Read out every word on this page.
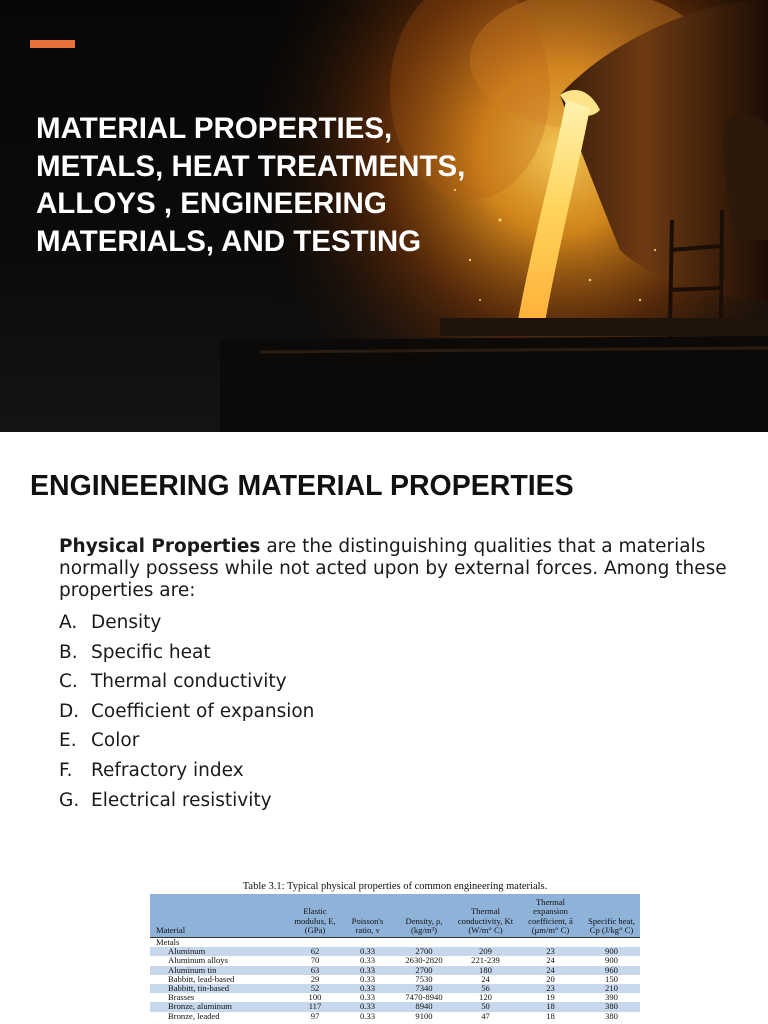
MATERIAL PROPERTIES,
METALS, HEAT TREATMENTS,
ALLOYS , ENGINEERING
MATERIALS, AND TESTING
ENGINEERING MATERIAL PROPERTIES

Physical Properties are the distinguishing qualities that a materials normally possess while not acted upon by external forces. Among these properties are:

A. Density
B. Specific heat
C. Thermal conductivity
D. Coefficient of expansion
E. Color
F. Refractory index
G. Electrical resistivity
Table 3.1: Typical physical properties of common engineering materials.
Material	Elastic modulus, E, (GPa)	Poisson's ratio, ν	Density, ρ, (kg/m³)	Thermal conductivity, Kt (W/m° C)	Thermal expansion coefficient, ā (μm/m° C)	Specific heat, Cp (J/kg° C)
Metals						
Aluminum	62	0.33	2700	209	23	900
Aluminum alloys	70	0.33	2630-2820	221-239	24	900
Aluminum tin	63	0.33	2700	180	24	960
Babbitt, lead-based	29	0.33	7530	24	20	150
Babbitt, tin-based	52	0.33	7340	56	23	210
Brasses	100	0.33	7470-8940	120	19	390
Bronze, aluminum	117	0.33	8940	50	18	380
Bronze, leaded	97	0.33	9100	47	18	380
